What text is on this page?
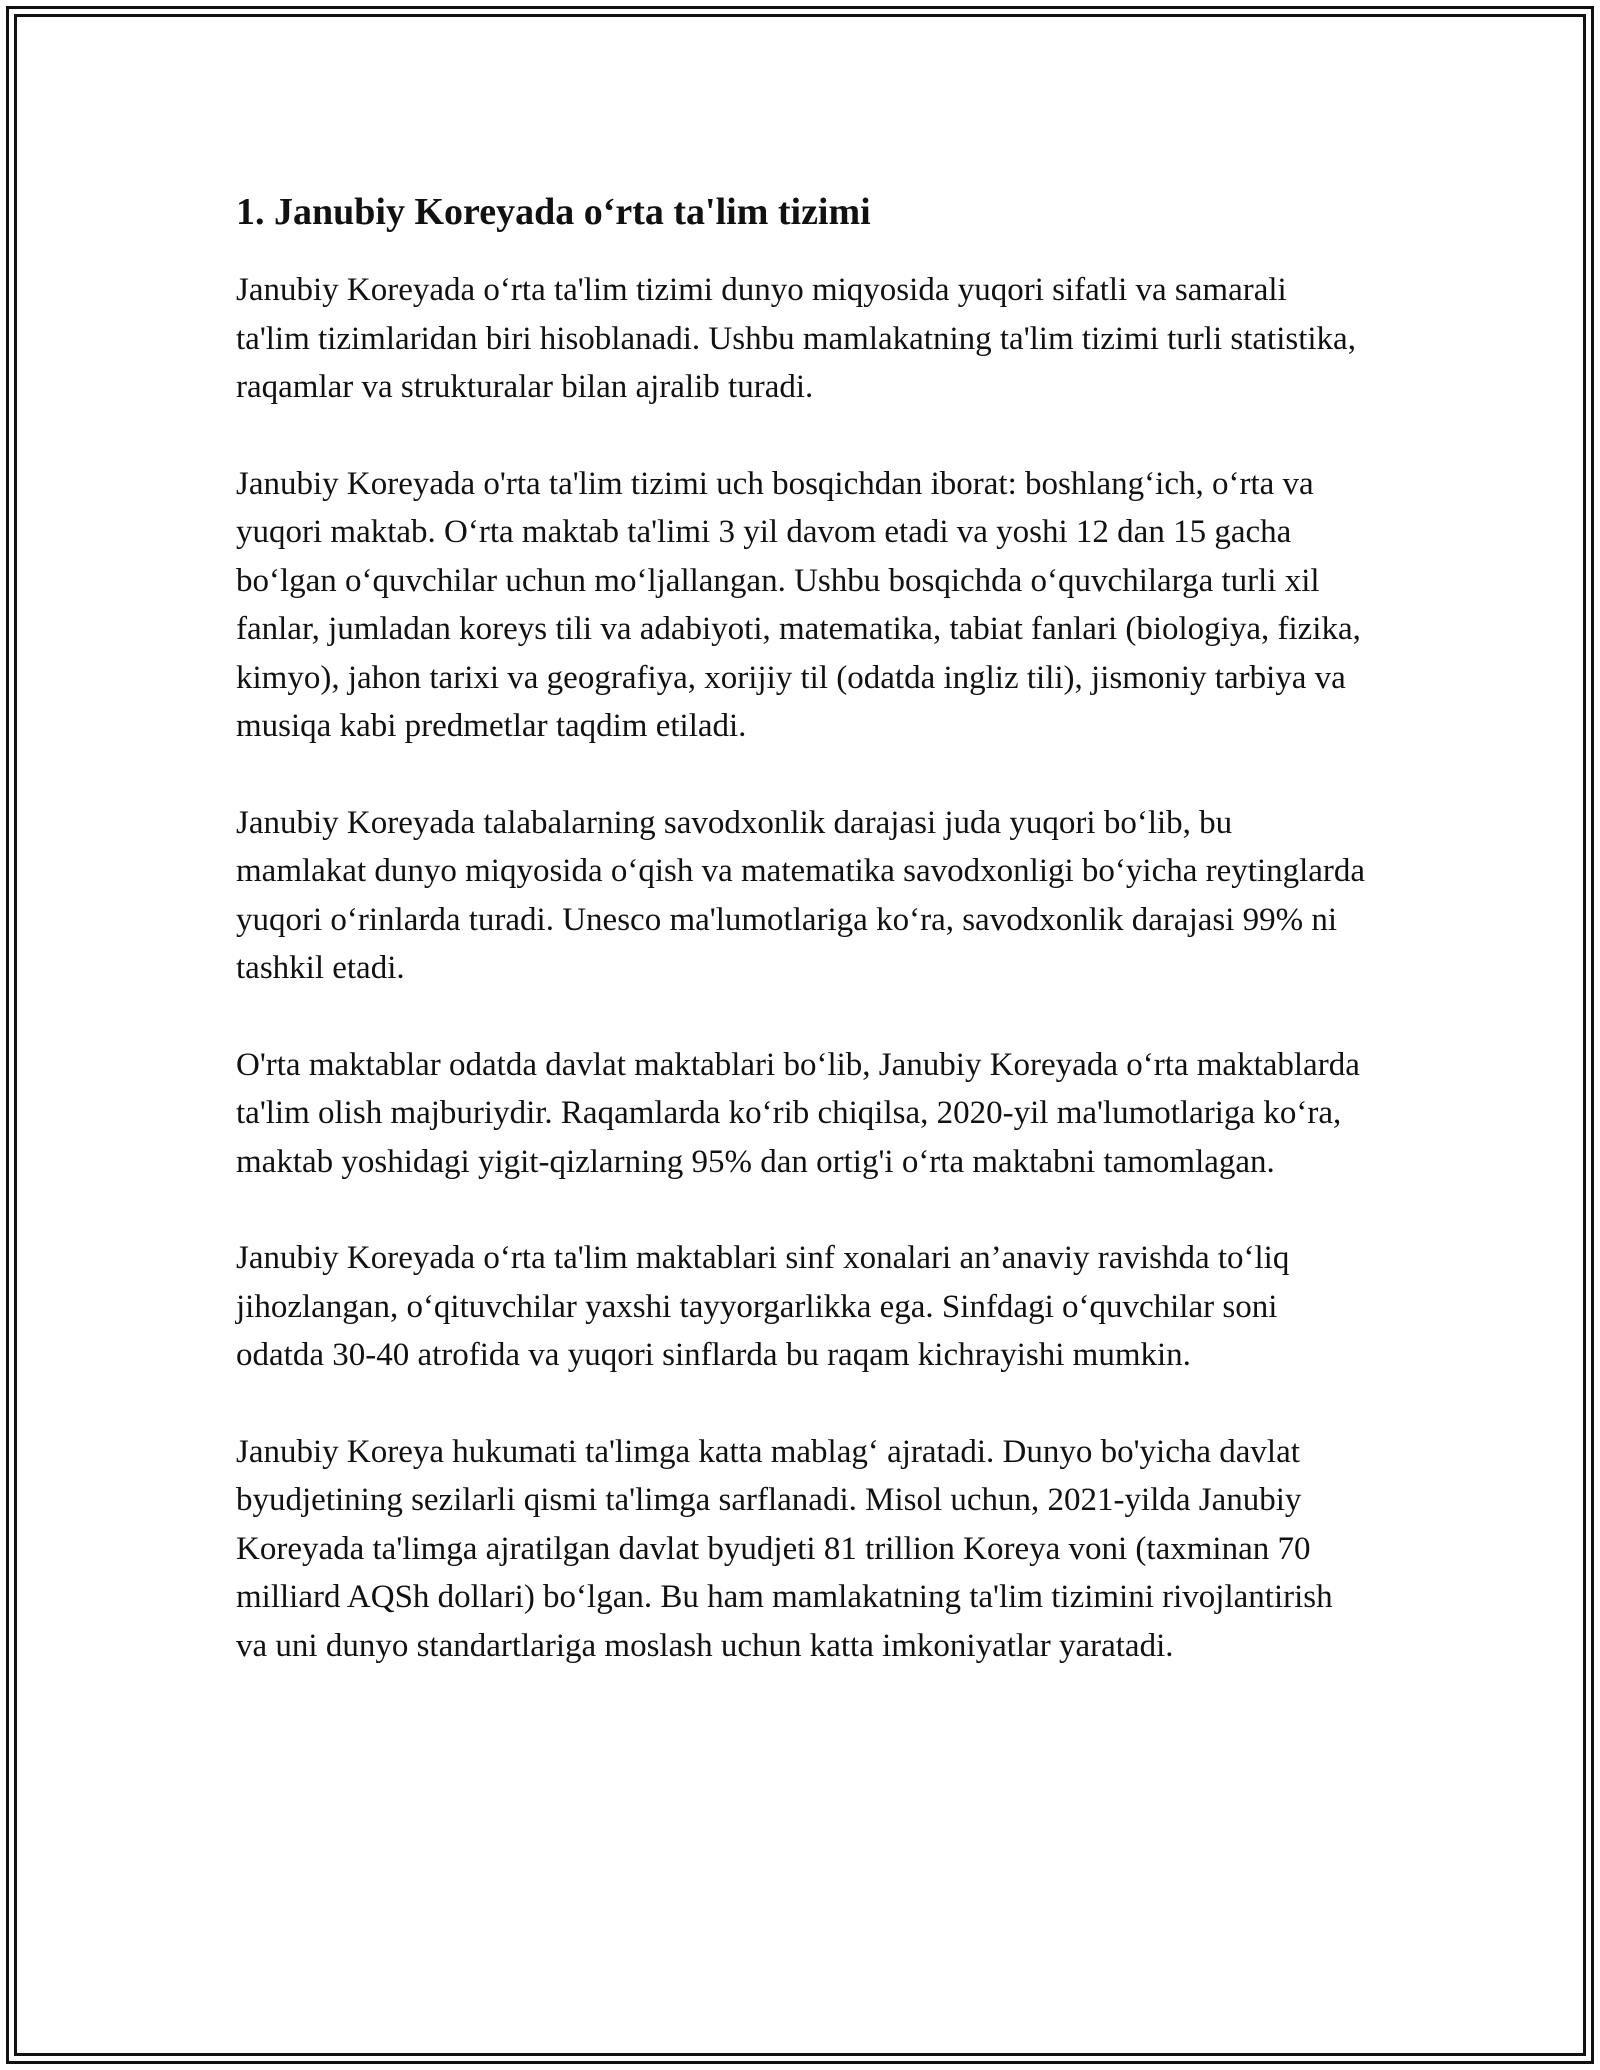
1. Janubiy Koreyada o‘rta ta'lim tizimi

Janubiy Koreyada o‘rta ta'lim tizimi dunyo miqyosida yuqori sifatli va samarali ta'lim tizimlaridan biri hisoblanadi. Ushbu mamlakatning ta'lim tizimi turli statistika, raqamlar va strukturalar bilan ajralib turadi.

Janubiy Koreyada o'rta ta'lim tizimi uch bosqichdan iborat: boshlang‘ich, o‘rta va yuqori maktab. O‘rta maktab ta'limi 3 yil davom etadi va yoshi 12 dan 15 gacha bo‘lgan o‘quvchilar uchun mo‘ljallangan. Ushbu bosqichda o‘quvchilarga turli xil fanlar, jumladan koreys tili va adabiyoti, matematika, tabiat fanlari (biologiya, fizika, kimyo), jahon tarixi va geografiya, xorijiy til (odatda ingliz tili), jismoniy tarbiya va musiqa kabi predmetlar taqdim etiladi.

Janubiy Koreyada talabalarning savodxonlik darajasi juda yuqori bo‘lib, bu mamlakat dunyo miqyosida o‘qish va matematika savodxonligi bo‘yicha reytinglarda yuqori o‘rinlarda turadi. Unesco ma'lumotlariga ko‘ra, savodxonlik darajasi 99% ni tashkil etadi.

O'rta maktablar odatda davlat maktablari bo‘lib, Janubiy Koreyada o‘rta maktablarda ta'lim olish majburiydir. Raqamlarda ko‘rib chiqilsa, 2020-yil ma'lumotlariga ko‘ra, maktab yoshidagi yigit-qizlarning 95% dan ortig'i o‘rta maktabni tamomlagan.

Janubiy Koreyada o‘rta ta'lim maktablari sinf xonalari an’anaviy ravishda to‘liq jihozlangan, o‘qituvchilar yaxshi tayyorgarlikka ega. Sinfdagi o‘quvchilar soni odatda 30-40 atrofida va yuqori sinflarda bu raqam kichrayishi mumkin.

Janubiy Koreya hukumati ta'limga katta mablag‘ ajratadi. Dunyo bo'yicha davlat byudjetining sezilarli qismi ta'limga sarflanadi. Misol uchun, 2021-yilda Janubiy Koreyada ta'limga ajratilgan davlat byudjeti 81 trillion Koreya voni (taxminan 70 milliard AQSh dollari) bo‘lgan. Bu ham mamlakatning ta'lim tizimini rivojlantirish va uni dunyo standartlariga moslash uchun katta imkoniyatlar yaratadi.
